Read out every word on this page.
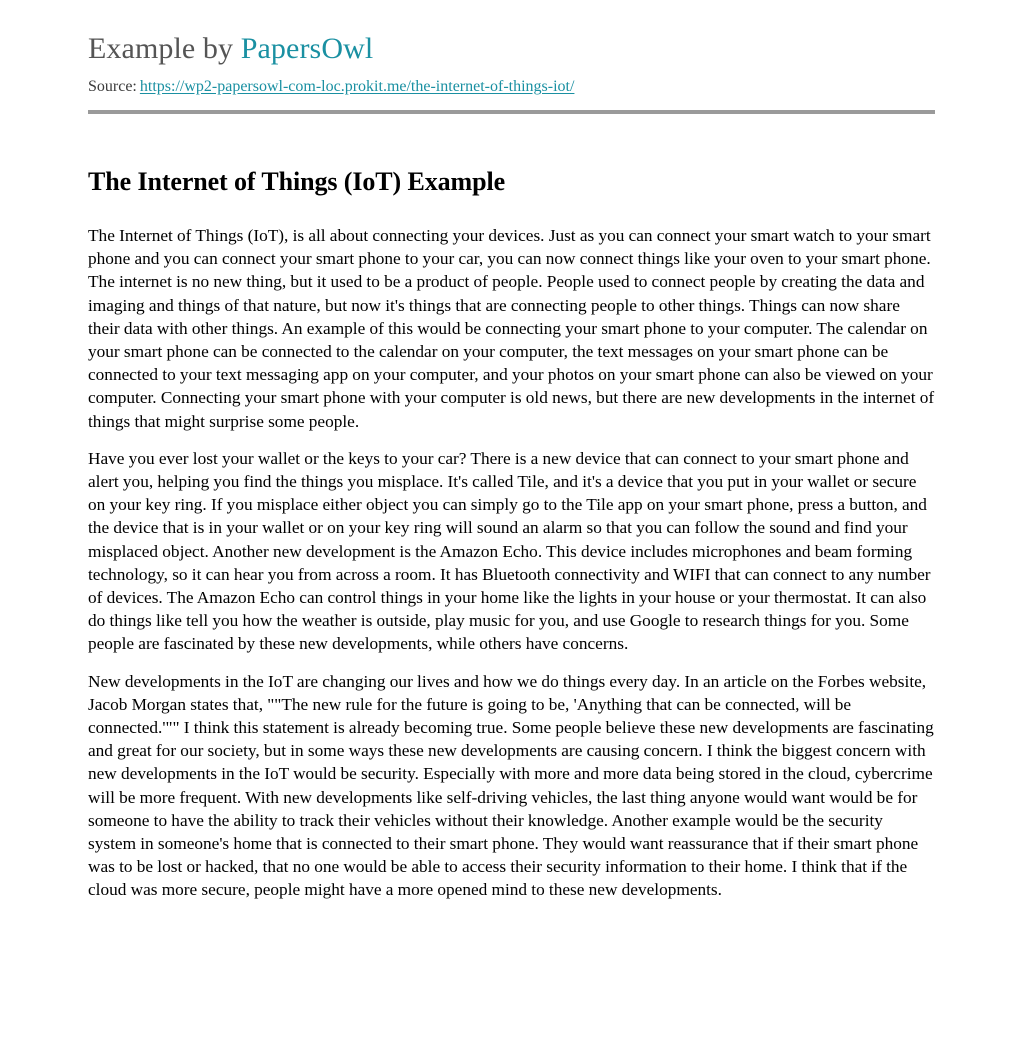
Example by PapersOwl
Source: https://wp2-papersowl-com-loc.prokit.me/the-internet-of-things-iot/
The Internet of Things (IoT) Example

The Internet of Things (IoT), is all about connecting your devices. Just as you can connect your smart watch to your smart phone and you can connect your smart phone to your car, you can now connect things like your oven to your smart phone. The internet is no new thing, but it used to be a product of people. People used to connect people by creating the data and imaging and things of that nature, but now it's things that are connecting people to other things. Things can now share their data with other things. An example of this would be connecting your smart phone to your computer. The calendar on your smart phone can be connected to the calendar on your computer, the text messages on your smart phone can be connected to your text messaging app on your computer, and your photos on your smart phone can also be viewed on your computer. Connecting your smart phone with your computer is old news, but there are new developments in the internet of things that might surprise some people.

Have you ever lost your wallet or the keys to your car? There is a new device that can connect to your smart phone and alert you, helping you find the things you misplace. It's called Tile, and it's a device that you put in your wallet or secure on your key ring. If you misplace either object you can simply go to the Tile app on your smart phone, press a button, and the device that is in your wallet or on your key ring will sound an alarm so that you can follow the sound and find your misplaced object. Another new development is the Amazon Echo. This device includes microphones and beam forming technology, so it can hear you from across a room. It has Bluetooth connectivity and WIFI that can connect to any number of devices. The Amazon Echo can control things in your home like the lights in your house or your thermostat. It can also do things like tell you how the weather is outside, play music for you, and use Google to research things for you. Some people are fascinated by these new developments, while others have concerns.

New developments in the IoT are changing our lives and how we do things every day. In an article on the Forbes website, Jacob Morgan states that, ""The new rule for the future is going to be, 'Anything that can be connected, will be connected.'"" I think this statement is already becoming true. Some people believe these new developments are fascinating and great for our society, but in some ways these new developments are causing concern. I think the biggest concern with new developments in the IoT would be security. Especially with more and more data being stored in the cloud, cybercrime will be more frequent. With new developments like self-driving vehicles, the last thing anyone would want would be for someone to have the ability to track their vehicles without their knowledge. Another example would be the security system in someone's home that is connected to their smart phone. They would want reassurance that if their smart phone was to be lost or hacked, that no one would be able to access their security information to their home. I think that if the cloud was more secure, people might have a more opened mind to these new developments.
